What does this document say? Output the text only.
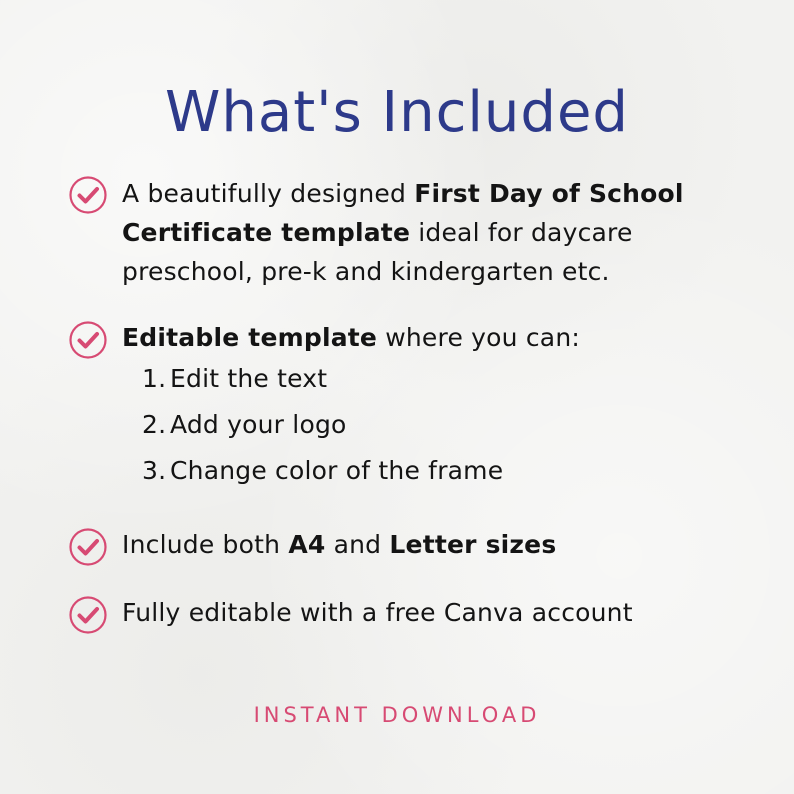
What's Included
A beautifully designed First Day of School Certificate template ideal for daycare preschool, pre-k and kindergarten etc.
Editable template where you can:
1. Edit the text
2. Add your logo
3. Change color of the frame
Include both A4 and Letter sizes
Fully editable with a free Canva account
INSTANT DOWNLOAD
